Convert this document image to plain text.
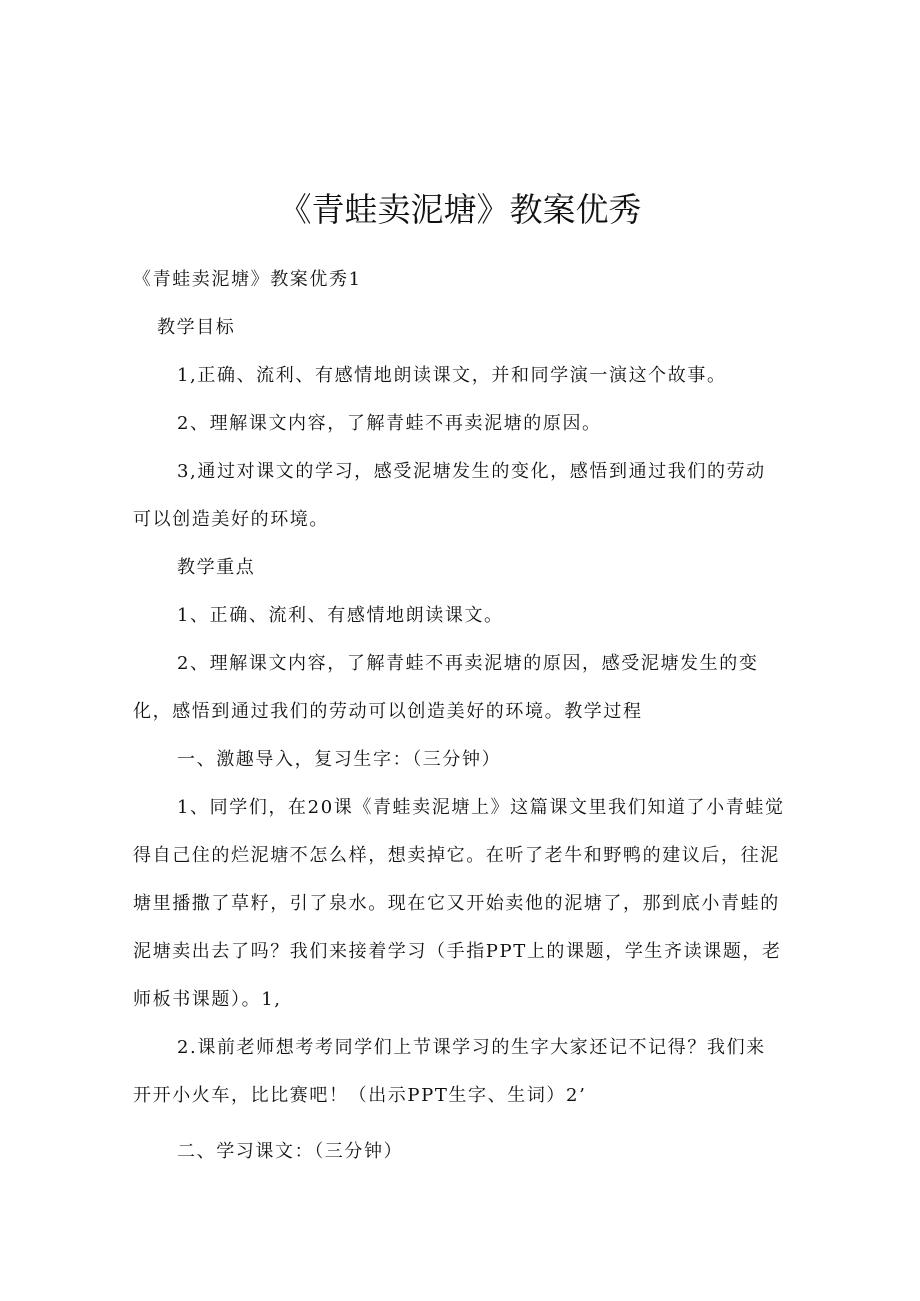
《青蛙卖泥塘》教案优秀
《青蛙卖泥塘》教案优秀1
教学目标
1,正确、流利、有感情地朗读课文，并和同学演一演这个故事。
2、理解课文内容，了解青蛙不再卖泥塘的原因。
3,通过对课文的学习，感受泥塘发生的变化，感悟到通过我们的劳动
可以创造美好的环境。
教学重点
1、正确、流利、有感情地朗读课文。
2、理解课文内容，了解青蛙不再卖泥塘的原因，感受泥塘发生的变
化，感悟到通过我们的劳动可以创造美好的环境。教学过程
一、激趣导入，复习生字：（三分钟）
1、同学们，在20课《青蛙卖泥塘上》这篇课文里我们知道了小青蛙觉
得自己住的烂泥塘不怎么样，想卖掉它。在听了老牛和野鸭的建议后，往泥
塘里播撒了草籽，引了泉水。现在它又开始卖他的泥塘了，那到底小青蛙的
泥塘卖出去了吗？我们来接着学习（手指PPT上的课题，学生齐读课题，老
师板书课题）。1,
2.课前老师想考考同学们上节课学习的生字大家还记不记得？我们来
开开小火车，比比赛吧！（出示PPT生字、生词）2’
二、学习课文：（三分钟）
